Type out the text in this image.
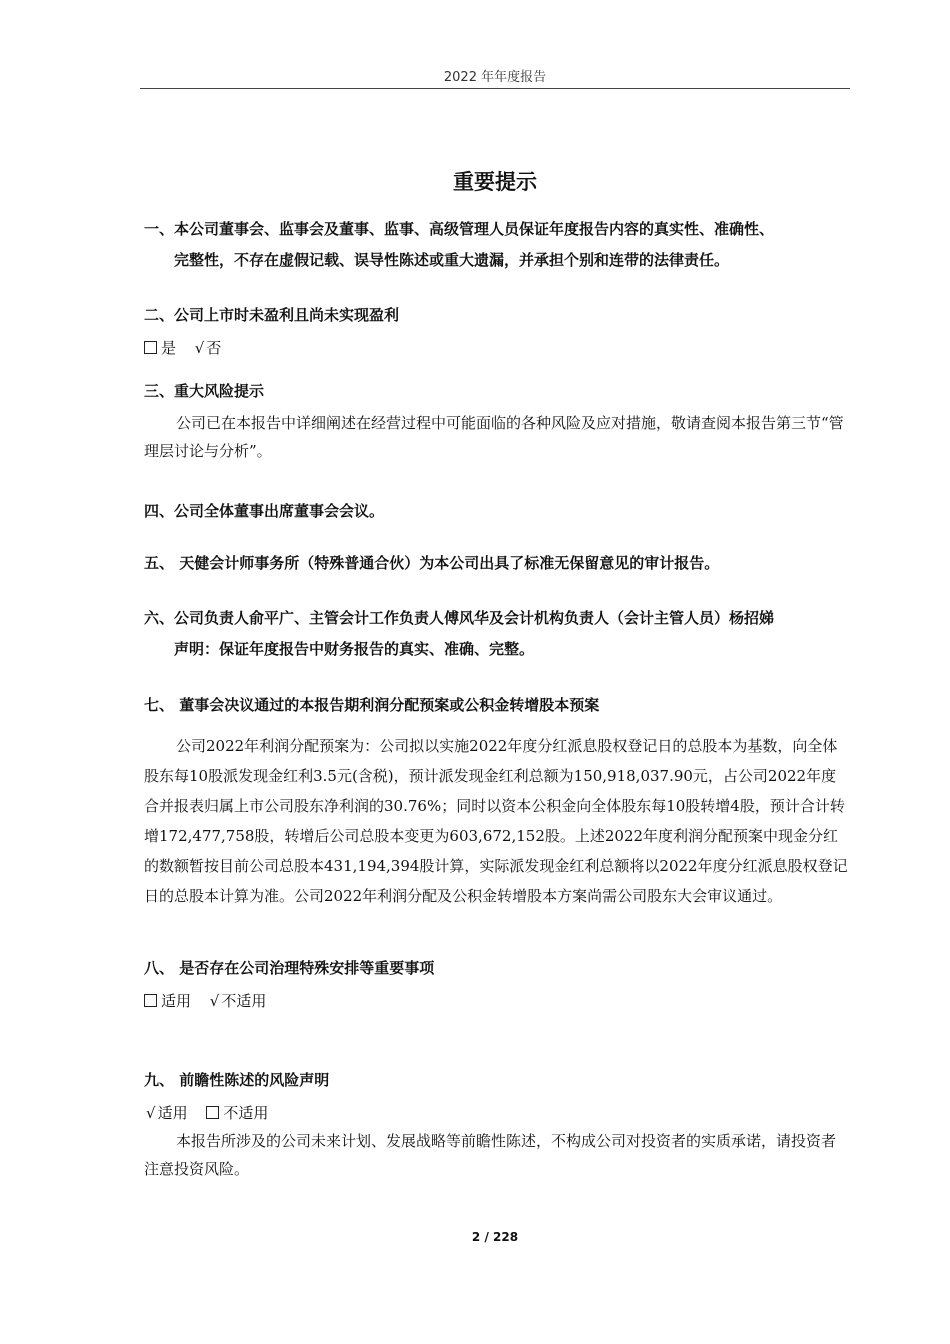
2022 年年度报告
重要提示
一、本公司董事会、监事会及董事、监事、高级管理人员保证年度报告内容的真实性、准确性、
完整性，不存在虚假记载、误导性陈述或重大遗漏，并承担个别和连带的法律责任。
二、公司上市时未盈利且尚未实现盈利
是 √ 否
三、重大风险提示
公司已在本报告中详细阐述在经营过程中可能面临的各种风险及应对措施，敬请查阅本报告第三节“管理层讨论与分析”。
四、公司全体董事出席董事会会议。
五、 天健会计师事务所（特殊普通合伙）为本公司出具了标准无保留意见的审计报告。
六、公司负责人俞平广、主管会计工作负责人傅风华及会计机构负责人（会计主管人员）杨招娣
声明：保证年度报告中财务报告的真实、准确、完整。
七、 董事会决议通过的本报告期利润分配预案或公积金转增股本预案
公司2022年利润分配预案为：公司拟以实施2022年度分红派息股权登记日的总股本为基数，向全体股东每10股派发现金红利3.5元(含税)，预计派发现金红利总额为150,918,037.90元，占公司2022年度合并报表归属上市公司股东净利润的30.76%；同时以资本公积金向全体股东每10股转增4股，预计合计转增172,477,758股，转增后公司总股本变更为603,672,152股。上述2022年度利润分配预案中现金分红的数额暂按目前公司总股本431,194,394股计算，实际派发现金红利总额将以2022年度分红派息股权登记日的总股本计算为准。公司2022年利润分配及公积金转增股本方案尚需公司股东大会审议通过。
八、 是否存在公司治理特殊安排等重要事项
适用 √ 不适用
九、 前瞻性陈述的风险声明
√ 适用 不适用
本报告所涉及的公司未来计划、发展战略等前瞻性陈述，不构成公司对投资者的实质承诺，请投资者注意投资风险。
2 / 228
